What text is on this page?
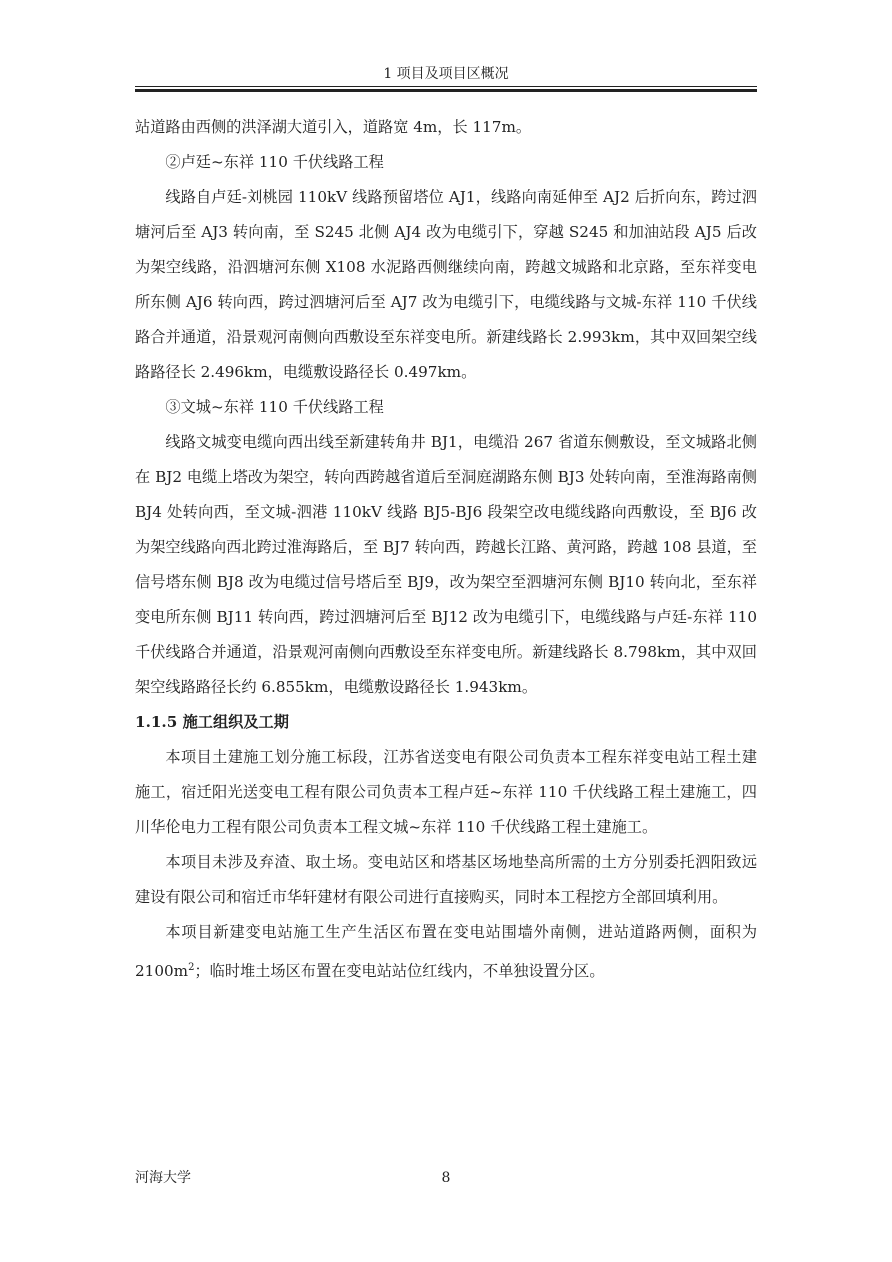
1 项目及项目区概况

站道路由西侧的洪泽湖大道引入，道路宽 4m，长 117m。

②卢廷~东祥 110 千伏线路工程

线路自卢廷-刘桃园 110kV 线路预留塔位 AJ1，线路向南延伸至 AJ2 后折向东，跨过泗塘河后至 AJ3 转向南，至 S245 北侧 AJ4 改为电缆引下，穿越 S245 和加油站段 AJ5 后改为架空线路，沿泗塘河东侧 X108 水泥路西侧继续向南，跨越文城路和北京路，至东祥变电所东侧 AJ6 转向西，跨过泗塘河后至 AJ7 改为电缆引下，电缆线路与文城-东祥 110 千伏线路合并通道，沿景观河南侧向西敷设至东祥变电所。新建线路长 2.993km，其中双回架空线路路径长 2.496km，电缆敷设路径长 0.497km。

③文城~东祥 110 千伏线路工程

线路文城变电缆向西出线至新建转角井 BJ1，电缆沿 267 省道东侧敷设，至文城路北侧在 BJ2 电缆上塔改为架空，转向西跨越省道后至洞庭湖路东侧 BJ3 处转向南，至淮海路南侧 BJ4 处转向西，至文城-泗港 110kV 线路 BJ5-BJ6 段架空改电缆线路向西敷设，至 BJ6 改为架空线路向西北跨过淮海路后，至 BJ7 转向西，跨越长江路、黄河路，跨越 108 县道，至信号塔东侧 BJ8 改为电缆过信号塔后至 BJ9，改为架空至泗塘河东侧 BJ10 转向北，至东祥变电所东侧 BJ11 转向西，跨过泗塘河后至 BJ12 改为电缆引下，电缆线路与卢廷-东祥 110 千伏线路合并通道，沿景观河南侧向西敷设至东祥变电所。新建线路长 8.798km，其中双回架空线路路径长约 6.855km，电缆敷设路径长 1.943km。

1.1.5 施工组织及工期

本项目土建施工划分施工标段，江苏省送变电有限公司负责本工程东祥变电站工程土建施工，宿迁阳光送变电工程有限公司负责本工程卢廷~东祥 110 千伏线路工程土建施工，四川华伦电力工程有限公司负责本工程文城~东祥 110 千伏线路工程土建施工。

本项目未涉及弃渣、取土场。变电站区和塔基区场地垫高所需的土方分别委托泗阳致远建设有限公司和宿迁市华轩建材有限公司进行直接购买，同时本工程挖方全部回填利用。

本项目新建变电站施工生产生活区布置在变电站围墙外南侧，进站道路两侧，面积为 $2100m^2$；临时堆土场区布置在变电站站位红线内，不单独设置分区。

河海大学	8
